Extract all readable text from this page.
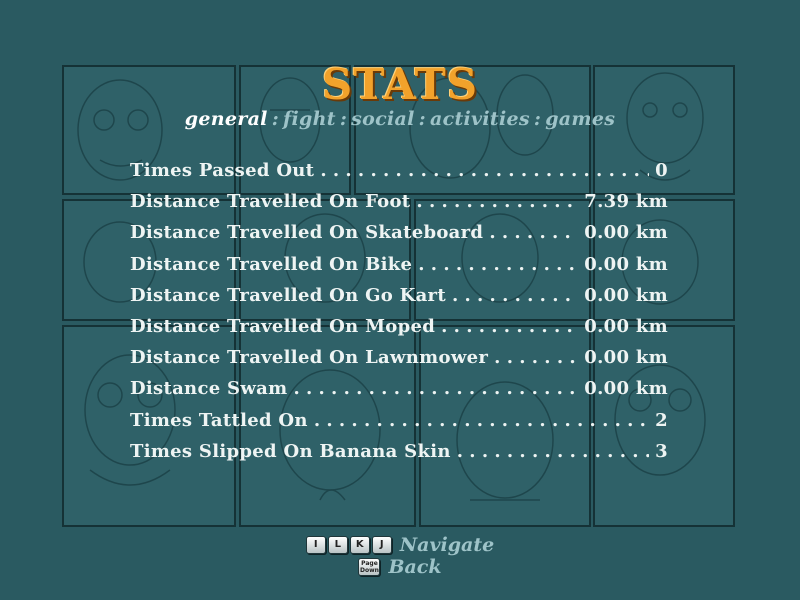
STATS
general : fight : social : activities : games
Times Passed Out . . .	0
Distance Travelled On Foot . . .	7.39 km
Distance Travelled On Skateboard . . .	0.00 km
Distance Travelled On Bike . . .	0.00 km
Distance Travelled On Go Kart . . .	0.00 km
Distance Travelled On Moped . . .	0.00 km
Distance Travelled On Lawnmower . . .	0.00 km
Distance Swam . . .	0.00 km
Times Tattled On . . .	2
Times Slipped On Banana Skin . . .	3
I	L	K	J Navigate
Page Down Back
